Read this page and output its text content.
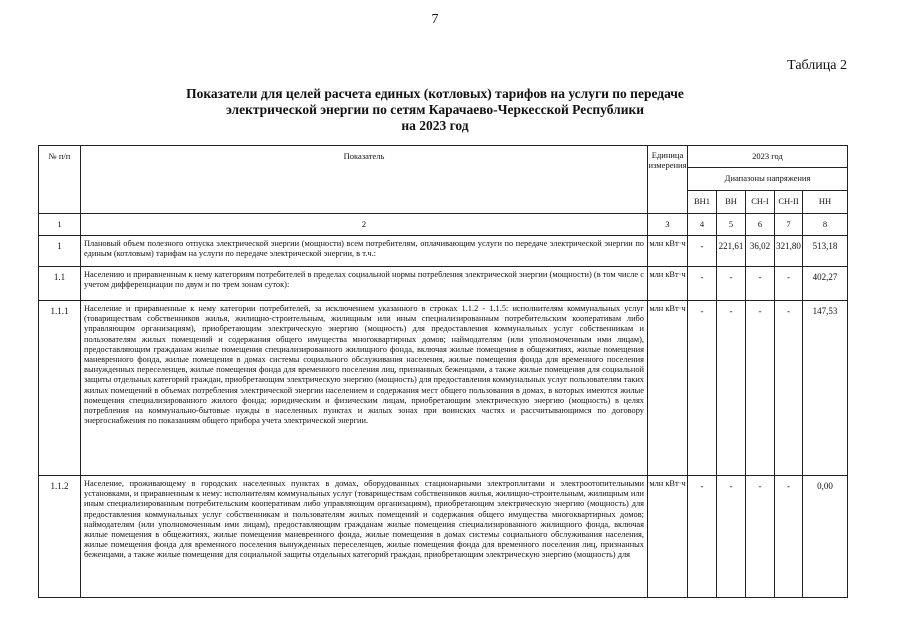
7
Таблица 2
Показатели для целей расчета единых (котловых) тарифов на услуги по передаче
электрической энергии по сетям Карачаево-Черкесской Республики
на 2023 год
№ п/п	Показатель	Единица измерения	2023 год				
			Диапазоны напряжения				
			ВН1	ВН	СН-I	СН-II	НН
1	2	3	4	5	6	7	8
1	Плановый объем полезного отпуска электрической энергии (мощности) всем потребителям, оплачивающим услуги по передаче электрической энергии по единым (котловым) тарифам на услуги по передаче электрической энергии, в т.ч.:	млн кВт·ч	-	221,61	36,02	321,80	513,18
1.1	Населению и приравненным к нему категориям потребителей в пределах социальной нормы потребления электрической энергии (мощности) (в том числе с учетом дифференциации по двум и по трем зонам суток):	млн кВт·ч	-	-	-	-	402,27
1.1.1	Население и приравненные к нему категории потребителей, за исключением указанного в строках 1.1.2 - 1.1.5: исполнителям коммунальных услуг (товариществам собственников жилья, жилищно-строительным, жилищным или иным специализированным потребительским кооперативам либо управляющим организациям), приобретающим электрическую энергию (мощность) для предоставления коммунальных услуг собственникам и пользователям жилых помещений и содержания общего имущества многоквартирных домов; наймодателям (или уполномоченным ими лицам), предоставляющим гражданам жилые помещения специализированного жилищного фонда, включая жилые помещения в общежитиях, жилые помещения маневренного фонда, жилые помещения в домах системы социального обслуживания населения, жилые помещения фонда для временного поселения вынужденных переселенцев, жилые помещения фонда для временного поселения лиц, признанных беженцами, а также жилые помещения для социальной защиты отдельных категорий граждан, приобретающим электрическую энергию (мощность) для предоставления коммунальных услуг пользователям таких жилых помещений в объемах потребления электрической энергии населением и содержания мест общего пользования в домах, в которых имеются жилые помещения специализированного жилого фонда; юридическим и физическим лицам, приобретающим электрическую энергию (мощность) в целях потребления на коммунально-бытовые нужды в населенных пунктах и жилых зонах при воинских частях и рассчитывающимся по договору энергоснабжения по показаниям общего прибора учета электрической энергии.	млн кВт·ч	-	-	-	-	147,53
1.1.2	Население, проживающему в городских населенных пунктах в домах, оборудованных стационарными электроплитами и электроотопительными установками, и приравненным к нему: исполнителям коммунальных услуг (товариществам собственников жилья, жилищно-строительным, жилищным или иным специализированным потребительским кооперативам либо управляющим организациям), приобретающим электрическую энергию (мощность) для предоставления коммунальных услуг собственникам и пользователям жилых помещений и содержания общего имущества многоквартирных домов; наймодателям (или уполномоченным ими лицам), предоставляющим гражданам жилые помещения специализированного жилищного фонда, включая жилые помещения в общежитиях, жилые помещения маневренного фонда, жилые помещения в домах системы социального обслуживания населения, жилые помещения фонда для временного поселения вынужденных переселенцев, жилые помещения фонда для временного поселения лиц, признанных беженцами, а также жилые помещения для социальной защиты отдельных категорий граждан, приобретающим электрическую энергию (мощность) для	млн кВт·ч	-	-	-	-	0,00
